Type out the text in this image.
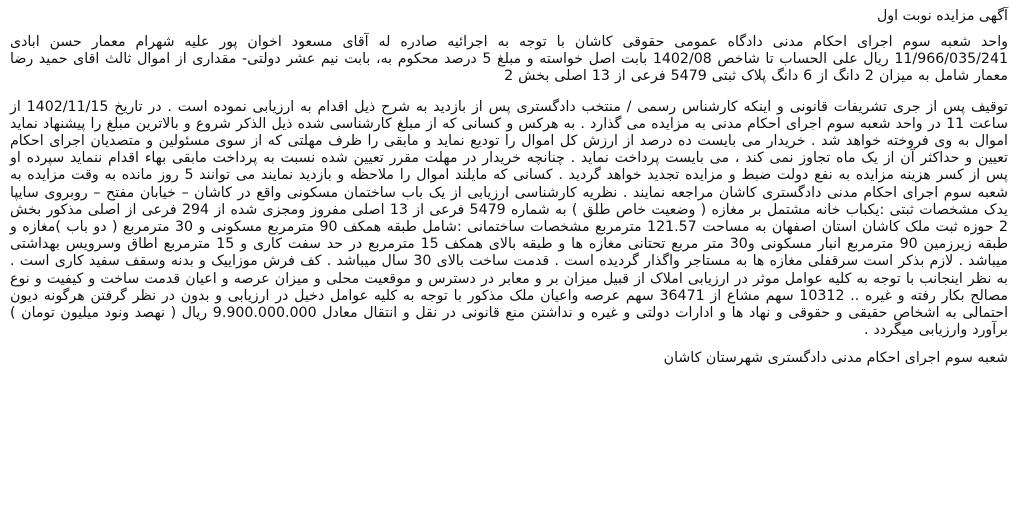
آگهی مزایده نوبت اول

واحد شعبه سوم اجرای احکام مدنی دادگاه عمومی حقوقی کاشان با توجه به اجرائیه صادره له آقای مسعود اخوان پور علیه شهرام معمار حسن ابادی 11/966/035/241 ریال علی الحساب تا شاخص 1402/08 بابت اصل خواسته و مبلغ 5 درصد محکوم به، بابت نیم عشر دولتی- مقداری از اموال ثالث اقای حمید رضا معمار شامل به میزان 2 دانگ از 6 دانگ پلاک ثبتی 5479 فرعی از 13 اصلی بخش 2

توقیف پس از جری تشریفات قانونی و اینکه کارشناس رسمی / منتخب دادگستری پس از بازدید به شرح ذیل اقدام به ارزیابی نموده است . در تاریخ 1402/11/15 از ساعت 11 در واحد شعبه سوم اجرای احکام مدنی به مزایده می گذارد . به هرکس و کسانی که از مبلغ کارشناسی شده ذیل الذکر شروع و بالاترین مبلغ را پیشنهاد نماید اموال به وی فروخته خواهد شد . خریدار می بایست ده درصد از ارزش کل اموال را تودیع نماید و مابقی را ظرف مهلتی که از سوی مسئولین و متصدیان اجرای احکام تعیین و حداکثر آن از یک ماه تجاوز نمی کند ، می بایست پرداخت نماید . چنانچه خریدار در مهلت مقرر تعیین شده نسبت به پرداخت مابقی بهاء اقدام ننماید سپرده او پس از کسر هزینه مزایده به نفع دولت ضبط و مزایده تجدید خواهد گردید . کسانی که مایلند اموال را ملاحظه و بازدید نمایند می توانند 5 روز مانده به وقت مزایده به شعبه سوم اجرای احکام مدنی دادگستری کاشان مراجعه نمایند . نظریه کارشناسی ارزیابی از یک باب ساختمان مسکونی واقع در کاشان – خیابان مفتح – روبروی سایپا یدک مشخصات ثبتی :یکباب خانه مشتمل بر مغازه ( وضعیت خاص طلق ) به شماره 5479 فرعی از 13 اصلی مفروز ومجزی شده از 294 فرعی از اصلی مذکور بخش 2 حوزه ثبت ملک کاشان استان اصفهان به مساحت 121.57 مترمربع مشخصات ساختمانی :شامل طبقه همکف 90 مترمربع مسکونی و 30 مترمربع ( دو باب )مغازه و طبقه زیرزمین 90 مترمربع انبار مسکونی و30 متر مربع تحتانی مغازه ها و طبقه بالای همکف 15 مترمربع در حد سفت کاری و 15 مترمربع اطاق وسرویس بهداشتی میباشد . لازم بذکر است سرقفلی مغازه ها به مستاجر واگذار گردیده است . قدمت ساخت بالای 30 سال میباشد . کف فرش موزاییک و بدنه وسقف سفید کاری است . به نظر اینجانب با توجه به کلیه عوامل موثر در ارزیابی املاک از قبیل میزان بر و معابر در دسترس و موقعیت محلی و میزان عرصه و اعیان قدمت ساخت و کیفیت و نوع مصالح بکار رفته و غیره .. 10312 سهم مشاع از 36471 سهم عرصه واعیان ملک مذکور با توجه به کلیه عوامل دخیل در ارزیابی و بدون در نظر گرفتن هرگونه دیون احتمالی به اشخاص حقیقی و حقوقی و نهاد ها و ادارات دولتی و غیره و نداشتن منع قانونی در نقل و انتقال معادل 9.900.000.000 ریال ( نهصد ونود میلیون تومان ) برآورد وارزیابی میگردد .

شعبه سوم اجرای احکام مدنی دادگستری شهرستان کاشان
